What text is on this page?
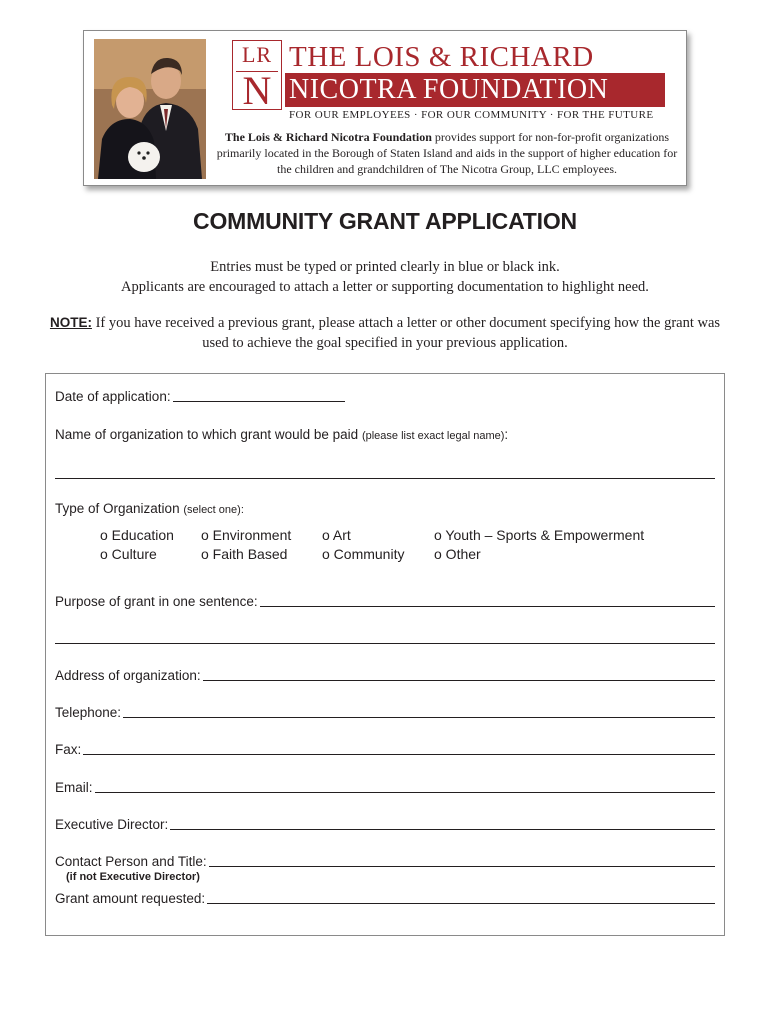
LR
N
THE LOIS & RICHARD
NICOTRA FOUNDATION
FOR OUR EMPLOYEES · FOR OUR COMMUNITY · FOR THE FUTURE
The Lois & Richard Nicotra Foundation provides support for non-for-profit organizations primarily located in the Borough of Staten Island and aids in the support of higher education for the children and grandchildren of The Nicotra Group, LLC employees.
COMMUNITY GRANT APPLICATION
Entries must be typed or printed clearly in blue or black ink.
Applicants are encouraged to attach a letter or supporting documentation to highlight need.
NOTE: If you have received a previous grant, please attach a letter or other document specifying how the grant was used to achieve the goal specified in your previous application.
Date of application:
Name of organization to which grant would be paid (please list exact legal name):
Type of Organization (select one):
o Education o Environment o Art	o Youth – Sports & Empowerment
o Culture	o Faith Based o Community o Other
Purpose of grant in one sentence:
Address of organization:
Telephone:
Fax:
Email:
Executive Director:
Contact Person and Title:
(if not Executive Director)
Grant amount requested:
